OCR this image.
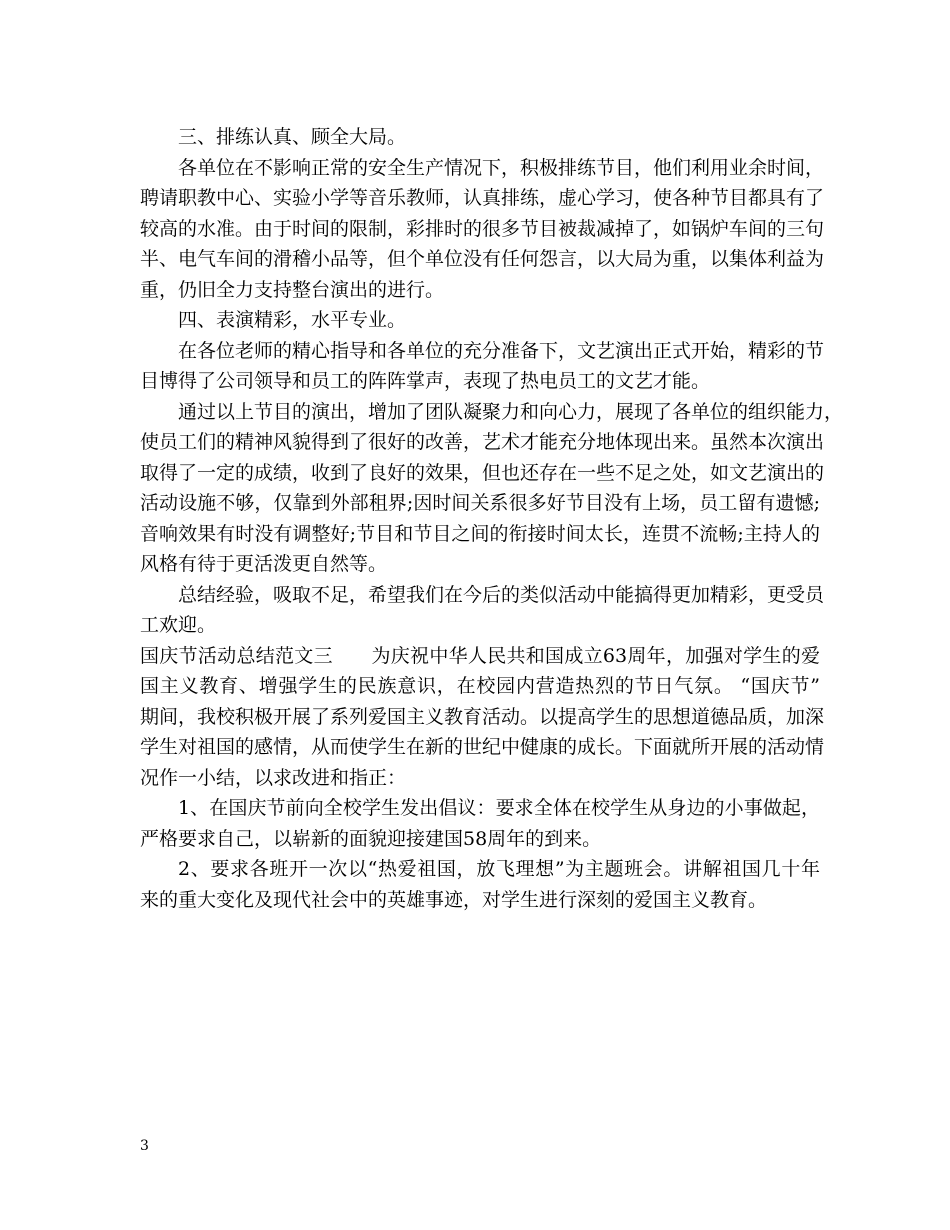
三、排练认真、顾全大局。
各单位在不影响正常的安全生产情况下，积极排练节目，他们利用业余时间，
聘请职教中心、实验小学等音乐教师，认真排练，虚心学习，使各种节目都具有了
较高的水准。由于时间的限制，彩排时的很多节目被裁减掉了，如锅炉车间的三句
半、电气车间的滑稽小品等，但个单位没有任何怨言，以大局为重，以集体利益为
重，仍旧全力支持整台演出的进行。
四、表演精彩，水平专业。
在各位老师的精心指导和各单位的充分准备下，文艺演出正式开始，精彩的节
目博得了公司领导和员工的阵阵掌声，表现了热电员工的文艺才能。
通过以上节目的演出，增加了团队凝聚力和向心力，展现了各单位的组织能力，
使员工们的精神风貌得到了很好的改善，艺术才能充分地体现出来。虽然本次演出
取得了一定的成绩，收到了良好的效果，但也还存在一些不足之处，如文艺演出的
活动设施不够，仅靠到外部租界;因时间关系很多好节目没有上场，员工留有遗憾;
音响效果有时没有调整好;节目和节目之间的衔接时间太长，连贯不流畅;主持人的
风格有待于更活泼更自然等。
总结经验，吸取不足，希望我们在今后的类似活动中能搞得更加精彩，更受员
工欢迎。
国庆节活动总结范文三　　为庆祝中华人民共和国成立63周年，加强对学生的爱
国主义教育、增强学生的民族意识，在校园内营造热烈的节日气氛。 “国庆节”
期间，我校积极开展了系列爱国主义教育活动。以提高学生的思想道德品质，加深
学生对祖国的感情，从而使学生在新的世纪中健康的成长。下面就所开展的活动情
况作一小结，以求改进和指正：
1、在国庆节前向全校学生发出倡议：要求全体在校学生从身边的小事做起，
严格要求自己，以崭新的面貌迎接建国58周年的到来。
2、要求各班开一次以“热爱祖国，放飞理想”为主题班会。讲解祖国几十年
来的重大变化及现代社会中的英雄事迹，对学生进行深刻的爱国主义教育。
3
